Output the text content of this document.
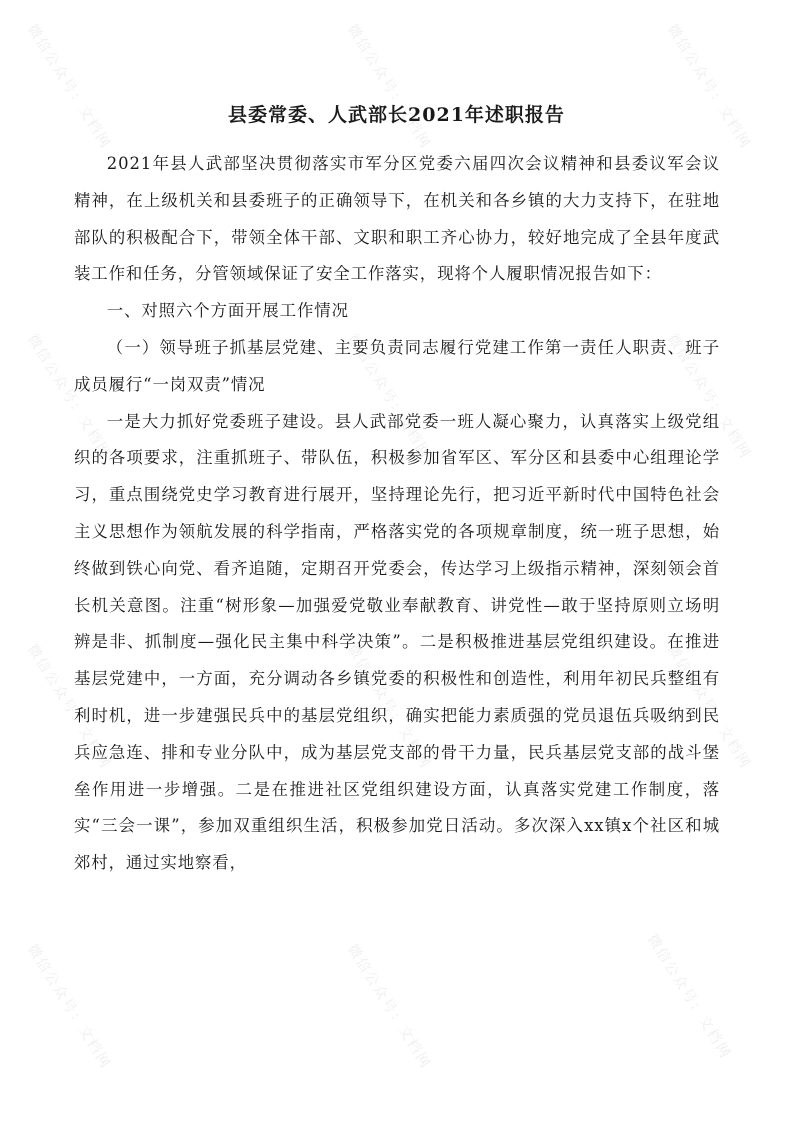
微信公众号：文档网	微信公众号：文档网	微信公众号：文档网
微信公众号：文档网	微信公众号：文档网	微信公众号：文档网
微信公众号：文档网	微信公众号：文档网	微信公众号：文档网
微信公众号：文档网	微信公众号：文档网	微信公众号：文档网
县委常委、人武部长2021年述职报告

2021年县人武部坚决贯彻落实市军分区党委六届四次会议精神和县委议军会议精神，在上级机关和县委班子的正确领导下，在机关和各乡镇的大力支持下，在驻地部队的积极配合下，带领全体干部、文职和职工齐心协力，较好地完成了全县年度武装工作和任务，分管领域保证了安全工作落实，现将个人履职情况报告如下：

一、对照六个方面开展工作情况

（一）领导班子抓基层党建、主要负责同志履行党建工作第一责任人职责、班子成员履行“一岗双责”情况

一是大力抓好党委班子建设。县人武部党委一班人凝心聚力，认真落实上级党组织的各项要求，注重抓班子、带队伍，积极参加省军区、军分区和县委中心组理论学习，重点围绕党史学习教育进行展开，坚持理论先行，把习近平新时代中国特色社会主义思想作为领航发展的科学指南，严格落实党的各项规章制度，统一班子思想，始终做到铁心向党、看齐追随，定期召开党委会，传达学习上级指示精神，深刻领会首长机关意图。注重“树形象—加强爱党敬业奉献教育、讲党性—敢于坚持原则立场明辨是非、抓制度—强化民主集中科学决策”。二是积极推进基层党组织建设。在推进基层党建中，一方面，充分调动各乡镇党委的积极性和创造性，利用年初民兵整组有利时机，进一步建强民兵中的基层党组织，确实把能力素质强的党员退伍兵吸纳到民兵应急连、排和专业分队中，成为基层党支部的骨干力量，民兵基层党支部的战斗堡垒作用进一步增强。二是在推进社区党组织建设方面，认真落实党建工作制度，落实“三会一课”，参加双重组织生活，积极参加党日活动。多次深入xx镇x个社区和城郊村，通过实地察看，
